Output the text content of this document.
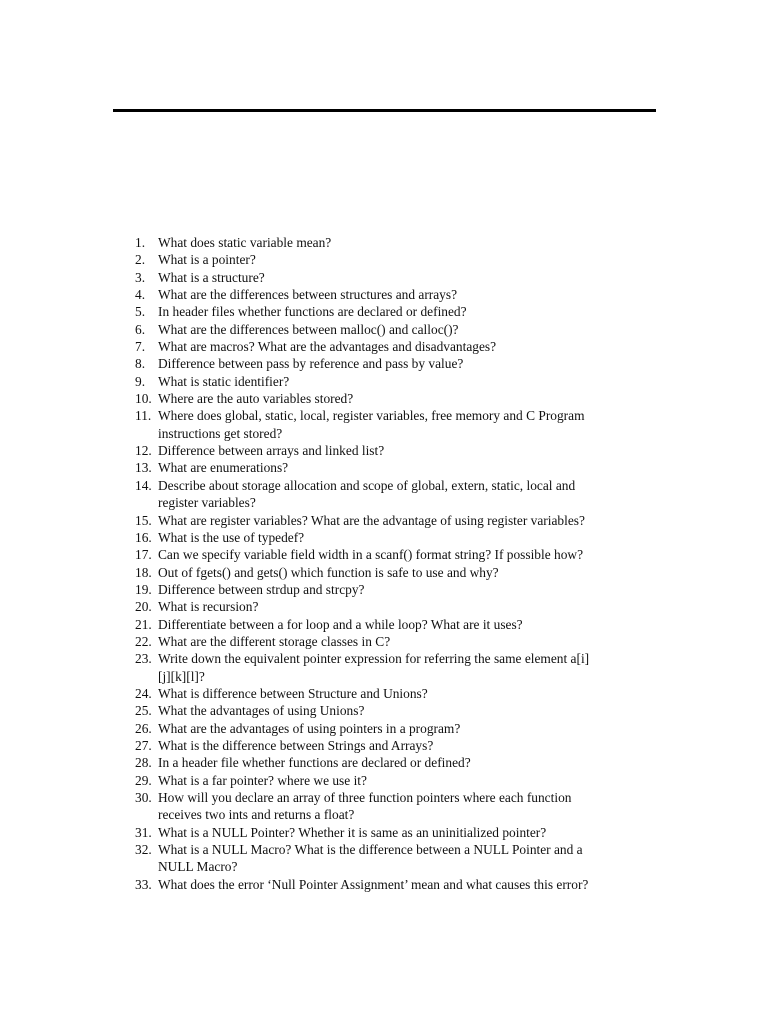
1. What does static variable mean?
2. What is a pointer?
3. What is a structure?
4. What are the differences between structures and arrays?
5. In header files whether functions are declared or defined?
6. What are the differences between malloc() and calloc()?
7. What are macros? What are the advantages and disadvantages?
8. Difference between pass by reference and pass by value?
9. What is static identifier?
10. Where are the auto variables stored?
11. Where does global, static, local, register variables, free memory and C Program
instructions get stored?
12. Difference between arrays and linked list?
13. What are enumerations?
14. Describe about storage allocation and scope of global, extern, static, local and
register variables?
15. What are register variables? What are the advantage of using register variables?
16. What is the use of typedef?
17. Can we specify variable field width in a scanf() format string? If possible how?
18. Out of fgets() and gets() which function is safe to use and why?
19. Difference between strdup and strcpy?
20. What is recursion?
21. Differentiate between a for loop and a while loop? What are it uses?
22. What are the different storage classes in C?
23. Write down the equivalent pointer expression for referring the same element a[i]
[j][k][l]?
24. What is difference between Structure and Unions?
25. What the advantages of using Unions?
26. What are the advantages of using pointers in a program?
27. What is the difference between Strings and Arrays?
28. In a header file whether functions are declared or defined?
29. What is a far pointer? where we use it?
30. How will you declare an array of three function pointers where each function
receives two ints and returns a float?
31. What is a NULL Pointer? Whether it is same as an uninitialized pointer?
32. What is a NULL Macro? What is the difference between a NULL Pointer and a
NULL Macro?
33. What does the error ‘Null Pointer Assignment’ mean and what causes this error?
